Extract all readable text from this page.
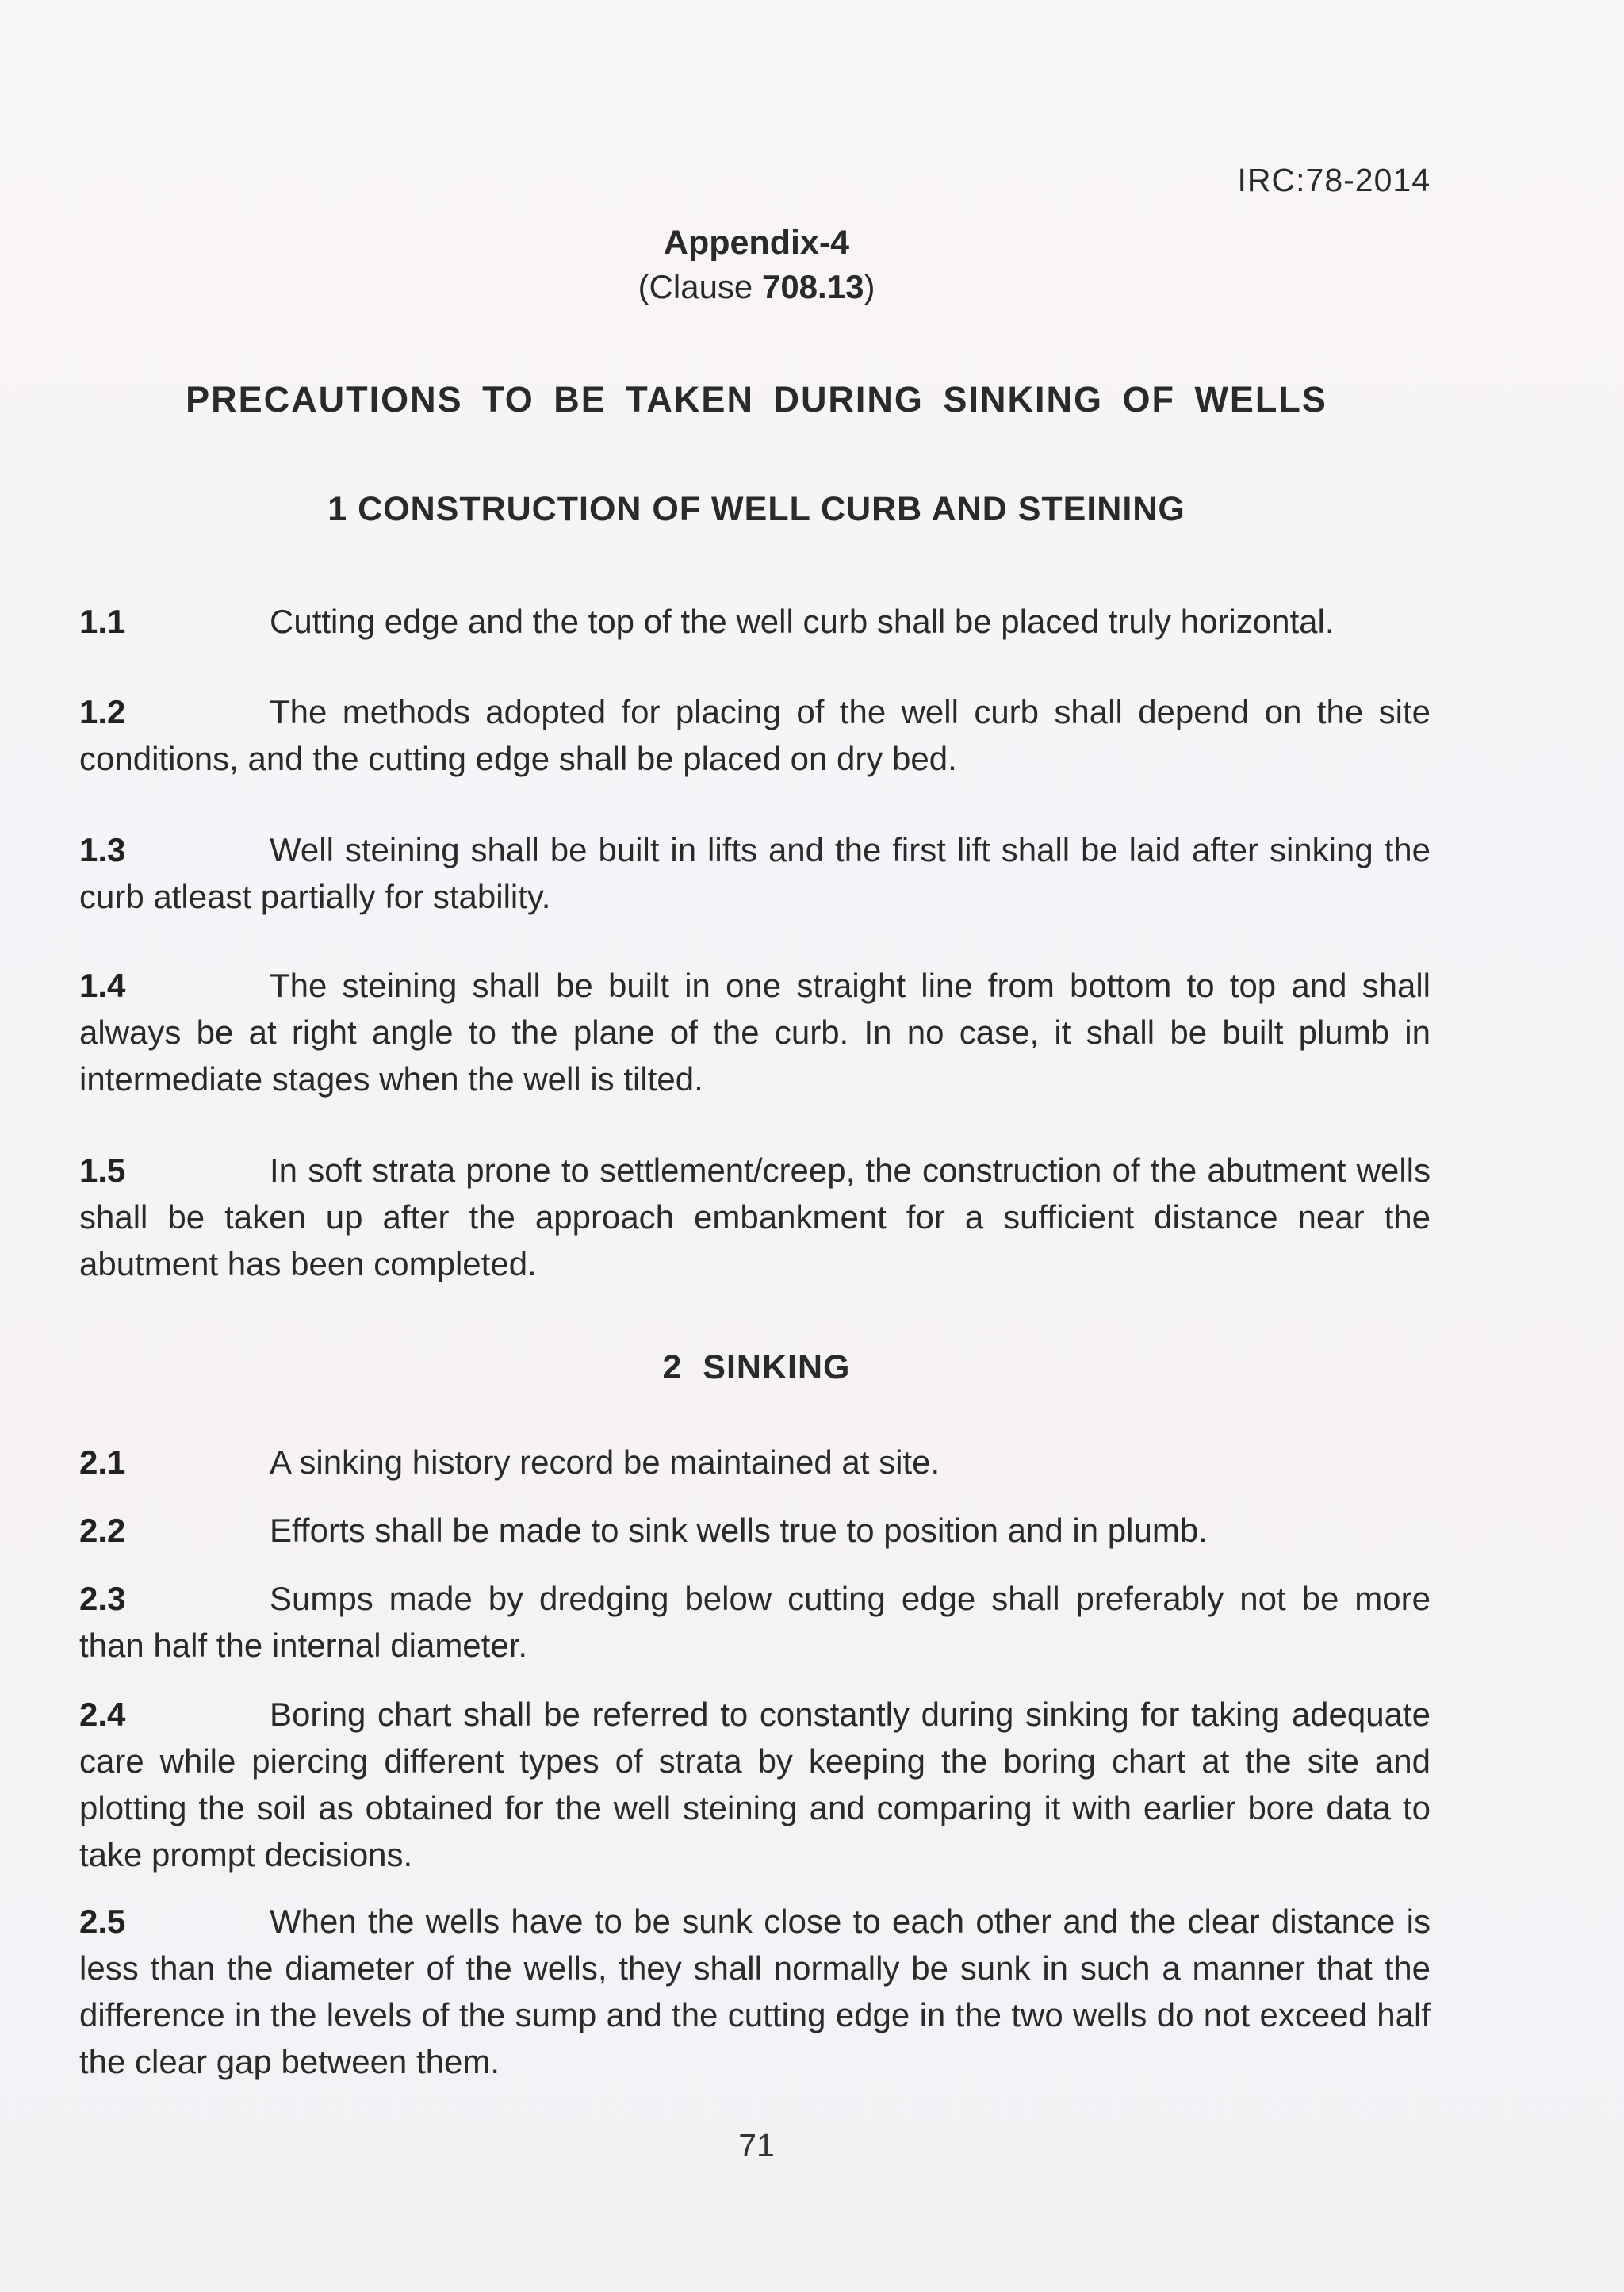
IRC:78-2014
Appendix-4
(Clause 708.13)
PRECAUTIONS TO BE TAKEN DURING SINKING OF WELLS
1 CONSTRUCTION OF WELL CURB AND STEINING
1.1	Cutting edge and the top of the well curb shall be placed truly horizontal.
1.2	The methods adopted for placing of the well curb shall depend on the site conditions, and the cutting edge shall be placed on dry bed.
1.3	Well steining shall be built in lifts and the first lift shall be laid after sinking the curb atleast partially for stability.
1.4	The steining shall be built in one straight line from bottom to top and shall always be at right angle to the plane of the curb. In no case, it shall be built plumb in intermediate stages when the well is tilted.
1.5	In soft strata prone to settlement/creep, the construction of the abutment wells shall be taken up after the approach embankment for a sufficient distance near the abutment has been completed.
2  SINKING
2.1	A sinking history record be maintained at site.
2.2	Efforts shall be made to sink wells true to position and in plumb.
2.3	Sumps made by dredging below cutting edge shall preferably not be more than half the internal diameter.
2.4	Boring chart shall be referred to constantly during sinking for taking adequate care while piercing different types of strata by keeping the boring chart at the site and plotting the soil as obtained for the well steining and comparing it with earlier bore data to take prompt decisions.
2.5	When the wells have to be sunk close to each other and the clear distance is less than the diameter of the wells, they shall normally be sunk in such a manner that the difference in the levels of the sump and the cutting edge in the two wells do not exceed half the clear gap between them.
71
